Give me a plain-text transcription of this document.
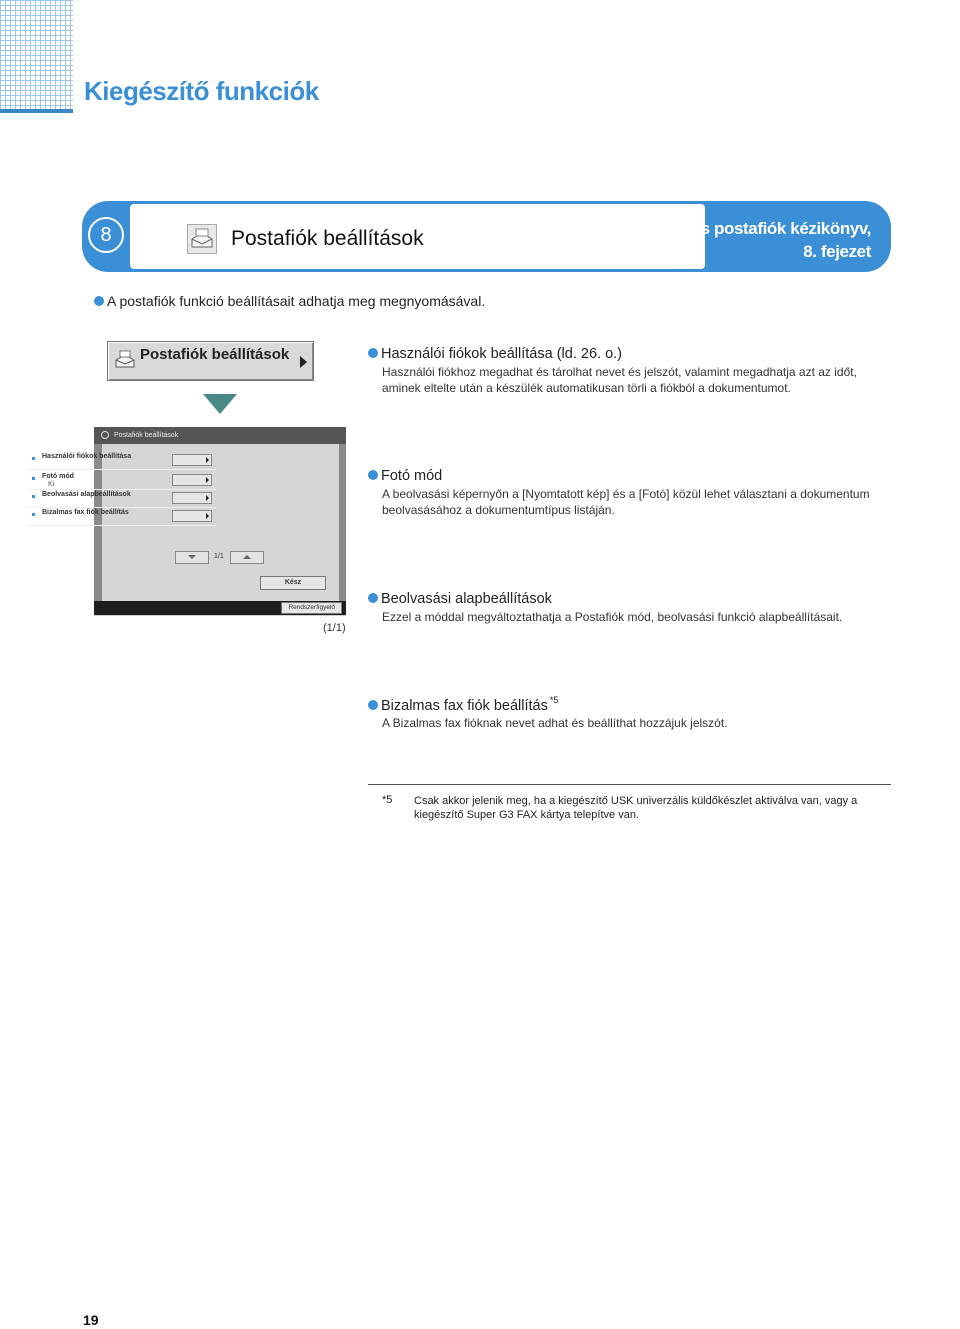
Kiegészítő funkciók
8	Postafiók beállítások	Másoló és postafiók kézikönyv,
8. fejezet
A postafiók funkció beállításait adhatja meg megnyomásával.
Postafiók beállítások
Postafiók beállítások
Használói fiókok beállítása
Fotó mód
Ki
Beolvasási alapbeállítások
Bizalmas fax fiók beállítás
1/1
Kész
Rendszerfigyelő
(1/1)
Használói fiókok beállítása (ld. 26. o.)
Használói fiókhoz megadhat és tárolhat nevet és jelszót, valamint megadhatja azt az időt, aminek eltelte után a készülék automatikusan törli a fiókból a dokumentumot.
Fotó mód
A beolvasási képernyőn a [Nyomtatott kép] és a [Fotó] közül lehet választani a dokumentum beolvasásához a dokumentumtípus listáján.
Beolvasási alapbeállítások
Ezzel a móddal megváltoztathatja a Postafiók mód, beolvasási funkció alapbeállításait.
Bizalmas fax fiók beállítás $^{*5}$
A Bizalmas fax fióknak nevet adhat és beállíthat hozzájuk jelszót.
*5 Csak akkor jelenik meg, ha a kiegészítő USK univerzális küldőkészlet aktiválva van, vagy a kiegészítő Super G3 FAX kártya telepítve van.
19
